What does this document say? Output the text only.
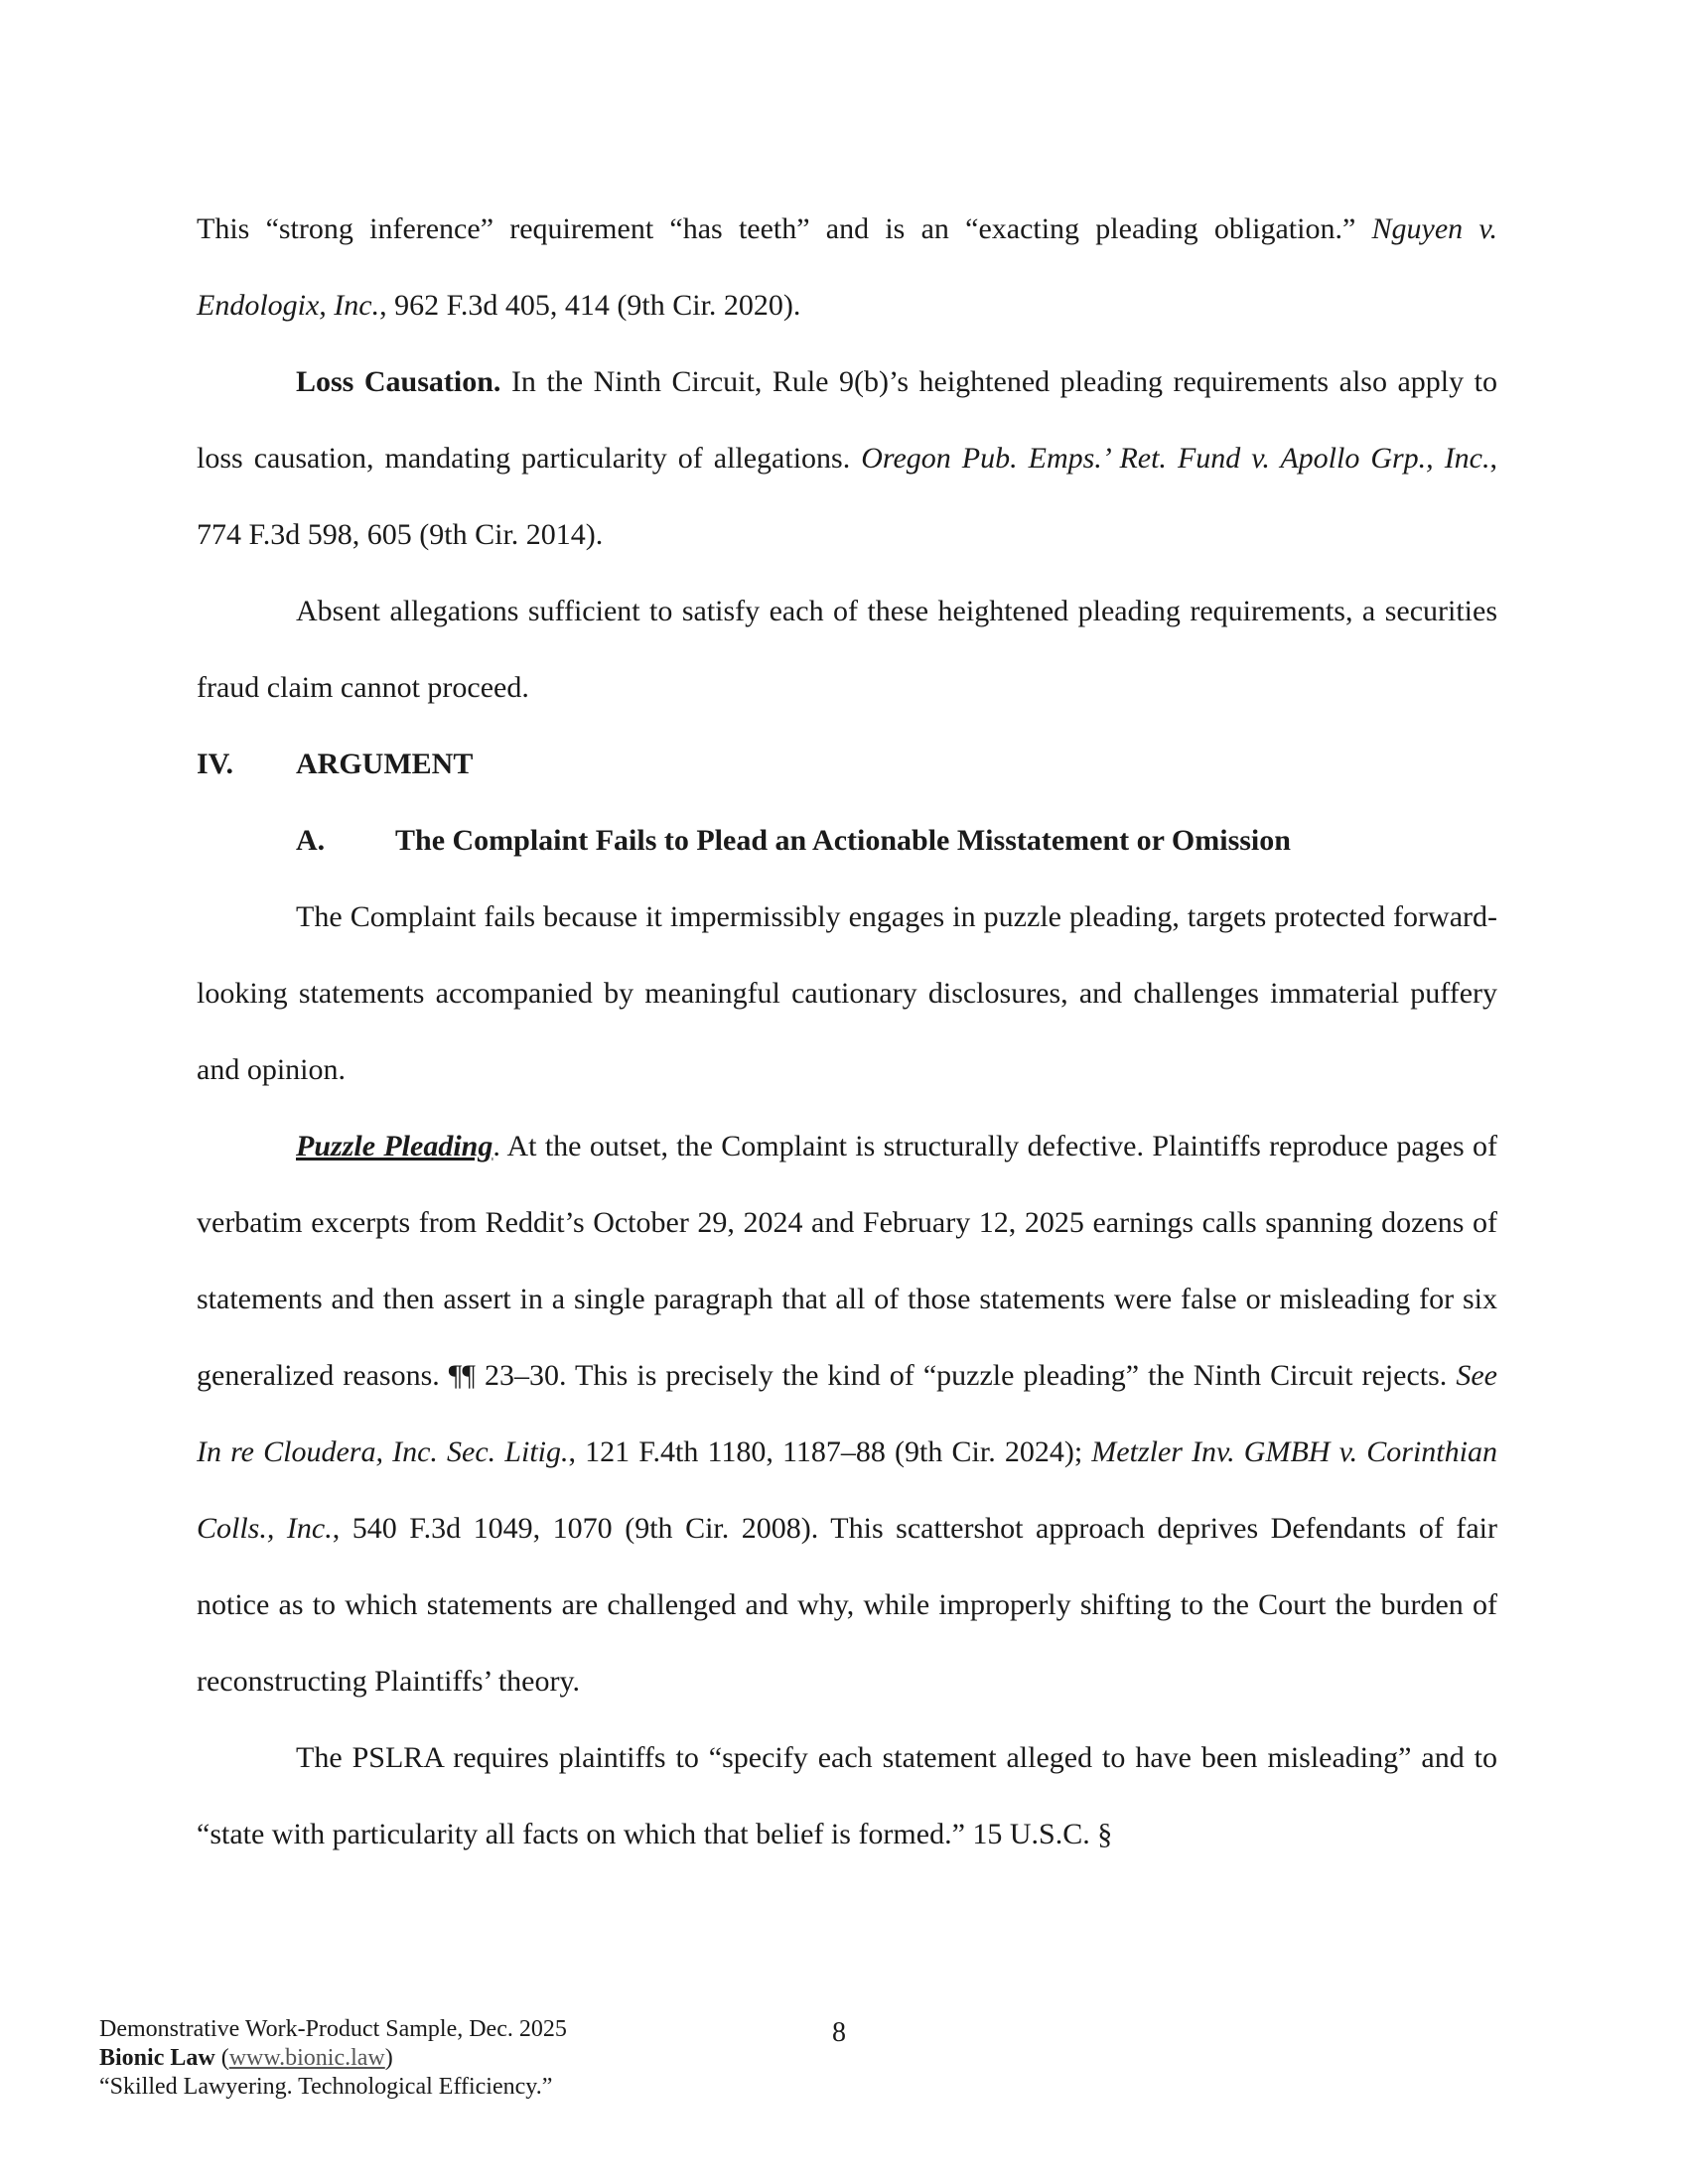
This “strong inference” requirement “has teeth” and is an “exacting pleading obligation.” Nguyen v. Endologix, Inc., 962 F.3d 405, 414 (9th Cir. 2020).

Loss Causation. In the Ninth Circuit, Rule 9(b)’s heightened pleading requirements also apply to loss causation, mandating particularity of allegations. Oregon Pub. Emps.’ Ret. Fund v. Apollo Grp., Inc., 774 F.3d 598, 605 (9th Cir. 2014).

Absent allegations sufficient to satisfy each of these heightened pleading requirements, a securities fraud claim cannot proceed.

IV. ARGUMENT
A. The Complaint Fails to Plead an Actionable Misstatement or Omission

The Complaint fails because it impermissibly engages in puzzle pleading, targets protected forward-looking statements accompanied by meaningful cautionary disclosures, and challenges immaterial puffery and opinion.

Puzzle Pleading. At the outset, the Complaint is structurally defective. Plaintiffs reproduce pages of verbatim excerpts from Reddit’s October 29, 2024 and February 12, 2025 earnings calls spanning dozens of statements and then assert in a single paragraph that all of those statements were false or misleading for six generalized reasons. ¶¶ 23–30. This is precisely the kind of “puzzle pleading” the Ninth Circuit rejects. See In re Cloudera, Inc. Sec. Litig., 121 F.4th 1180, 1187–88 (9th Cir. 2024); Metzler Inv. GMBH v. Corinthian Colls., Inc., 540 F.3d 1049, 1070 (9th Cir. 2008). This scattershot approach deprives Defendants of fair notice as to which statements are challenged and why, while improperly shifting to the Court the burden of reconstructing Plaintiffs’ theory.

The PSLRA requires plaintiffs to “specify each statement alleged to have been misleading” and to “state with particularity all facts on which that belief is formed.” 15 U.S.C. §

Demonstrative Work-Product Sample, Dec. 2025
Bionic Law (www.bionic.law)
“Skilled Lawyering. Technological Efficiency.”
8
